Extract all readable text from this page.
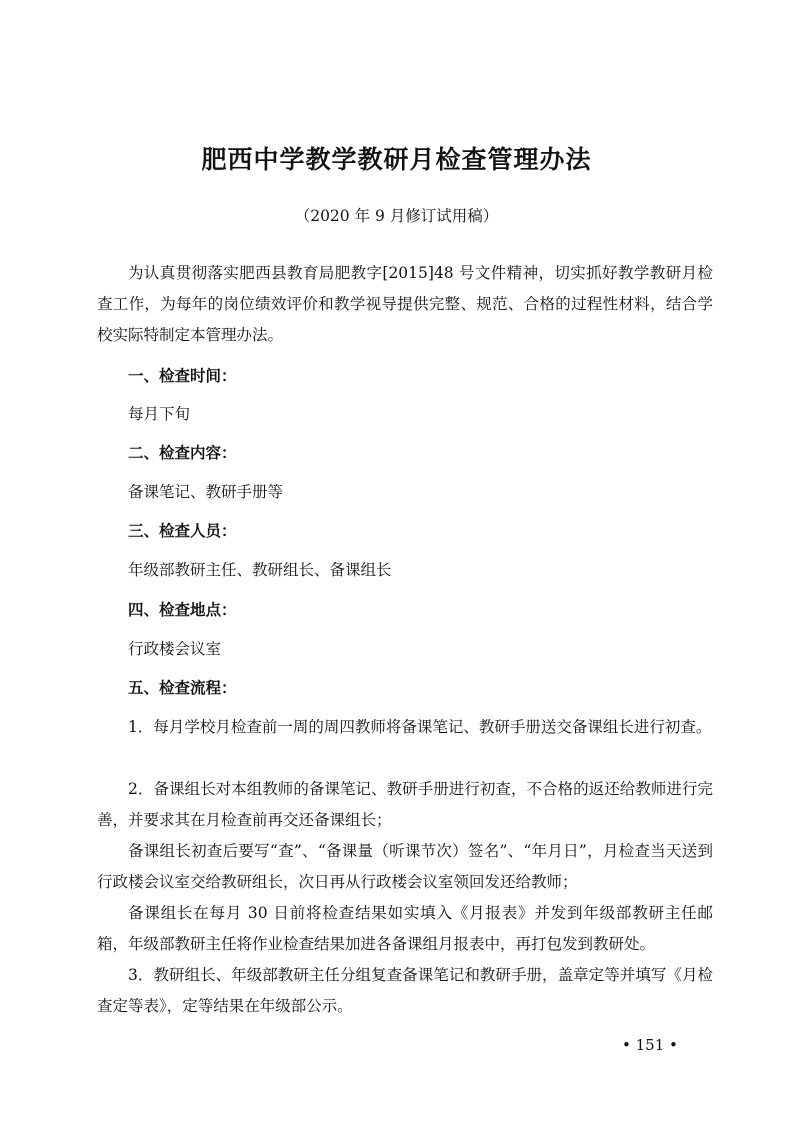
肥西中学教学教研月检查管理办法
（2020 年 9 月修订试用稿）

为认真贯彻落实肥西县教育局肥教字[2015]48 号文件精神，切实抓好教学教研月检查工作，为每年的岗位绩效评价和教学视导提供完整、规范、合格的过程性材料，结合学校实际特制定本管理办法。

一、检查时间：
每月下旬
二、检查内容：
备课笔记、教研手册等
三、检查人员：
年级部教研主任、教研组长、备课组长
四、检查地点：
行政楼会议室
五、检查流程：

1．每月学校月检查前一周的周四教师将备课笔记、教研手册送交备课组长进行初查。

2．备课组长对本组教师的备课笔记、教研手册进行初查，不合格的返还给教师进行完善，并要求其在月检查前再交还备课组长；

备课组长初查后要写“查”、“备课量（听课节次）签名”、“年月日”，月检查当天送到行政楼会议室交给教研组长，次日再从行政楼会议室领回发还给教师；

备课组长在每月 30 日前将检查结果如实填入《月报表》并发到年级部教研主任邮箱，年级部教研主任将作业检查结果加进各备课组月报表中，再打包发到教研处。

3．教研组长、年级部教研主任分组复查备课笔记和教研手册，盖章定等并填写《月检查定等表》，定等结果在年级部公示。

• 151 •
